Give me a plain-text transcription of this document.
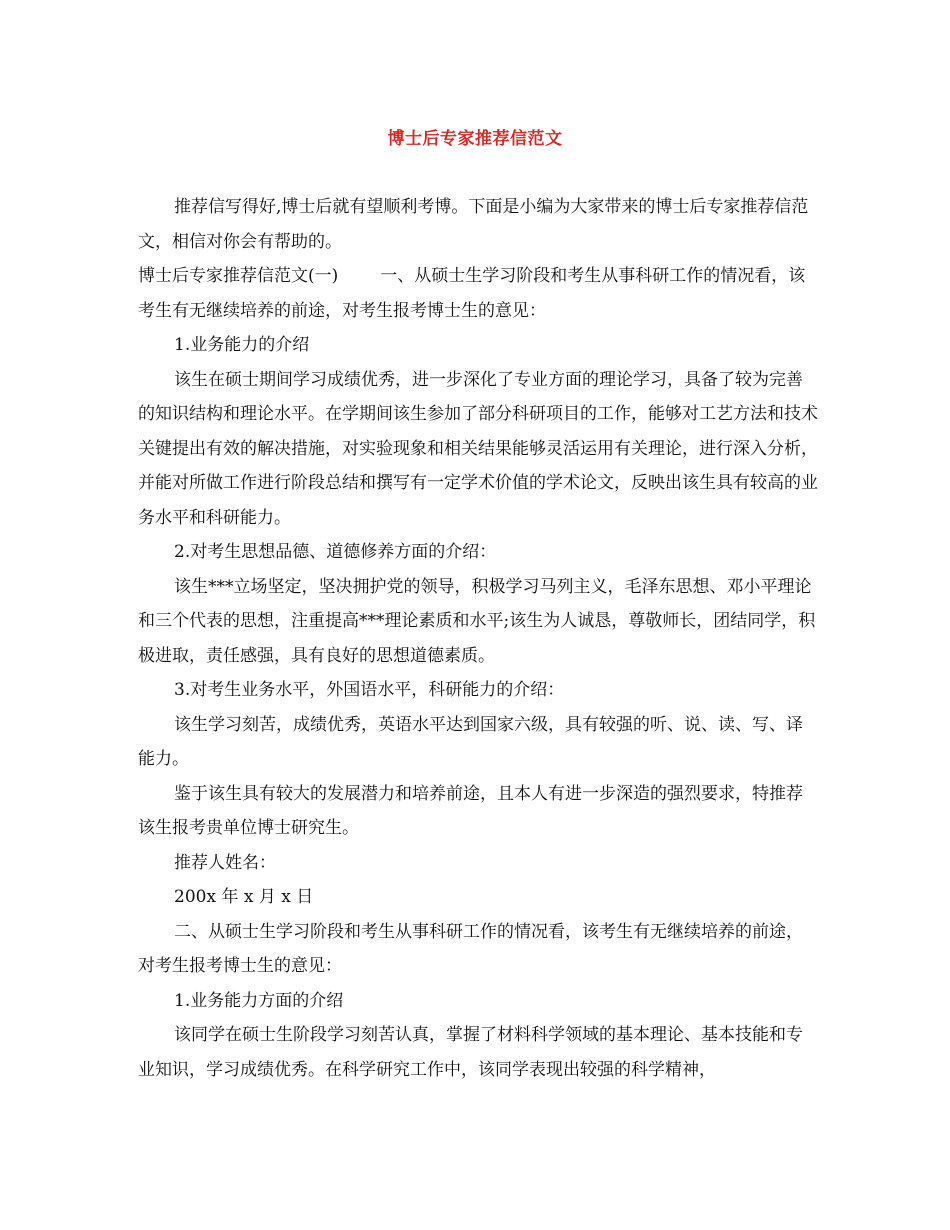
博士后专家推荐信范文

推荐信写得好,博士后就有望顺利考博。下面是小编为大家带来的博士后专家推荐信范文，相信对你会有帮助的。

博士后专家推荐信范文(一) 一、从硕士生学习阶段和考生从事科研工作的情况看，该考生有无继续培养的前途，对考生报考博士生的意见：

1.业务能力的介绍

该生在硕士期间学习成绩优秀，进一步深化了专业方面的理论学习，具备了较为完善的知识结构和理论水平。在学期间该生参加了部分科研项目的工作，能够对工艺方法和技术关键提出有效的解决措施，对实验现象和相关结果能够灵活运用有关理论，进行深入分析，并能对所做工作进行阶段总结和撰写有一定学术价值的学术论文，反映出该生具有较高的业务水平和科研能力。

2.对考生思想品德、道德修养方面的介绍：

该生***立场坚定，坚决拥护党的领导，积极学习马列主义，毛泽东思想、邓小平理论和三个代表的思想，注重提高***理论素质和水平;该生为人诚恳，尊敬师长，团结同学，积极进取，责任感强，具有良好的思想道德素质。

3.对考生业务水平，外国语水平，科研能力的介绍：

该生学习刻苦，成绩优秀，英语水平达到国家六级，具有较强的听、说、读、写、译能力。

鉴于该生具有较大的发展潜力和培养前途，且本人有进一步深造的强烈要求，特推荐该生报考贵单位博士研究生。

推荐人姓名：

200x 年 x 月 x 日

二、从硕士生学习阶段和考生从事科研工作的情况看，该考生有无继续培养的前途，对考生报考博士生的意见：

1.业务能力方面的介绍

该同学在硕士生阶段学习刻苦认真，掌握了材料科学领域的基本理论、基本技能和专业知识，学习成绩优秀。在科学研究工作中，该同学表现出较强的科学精神，
